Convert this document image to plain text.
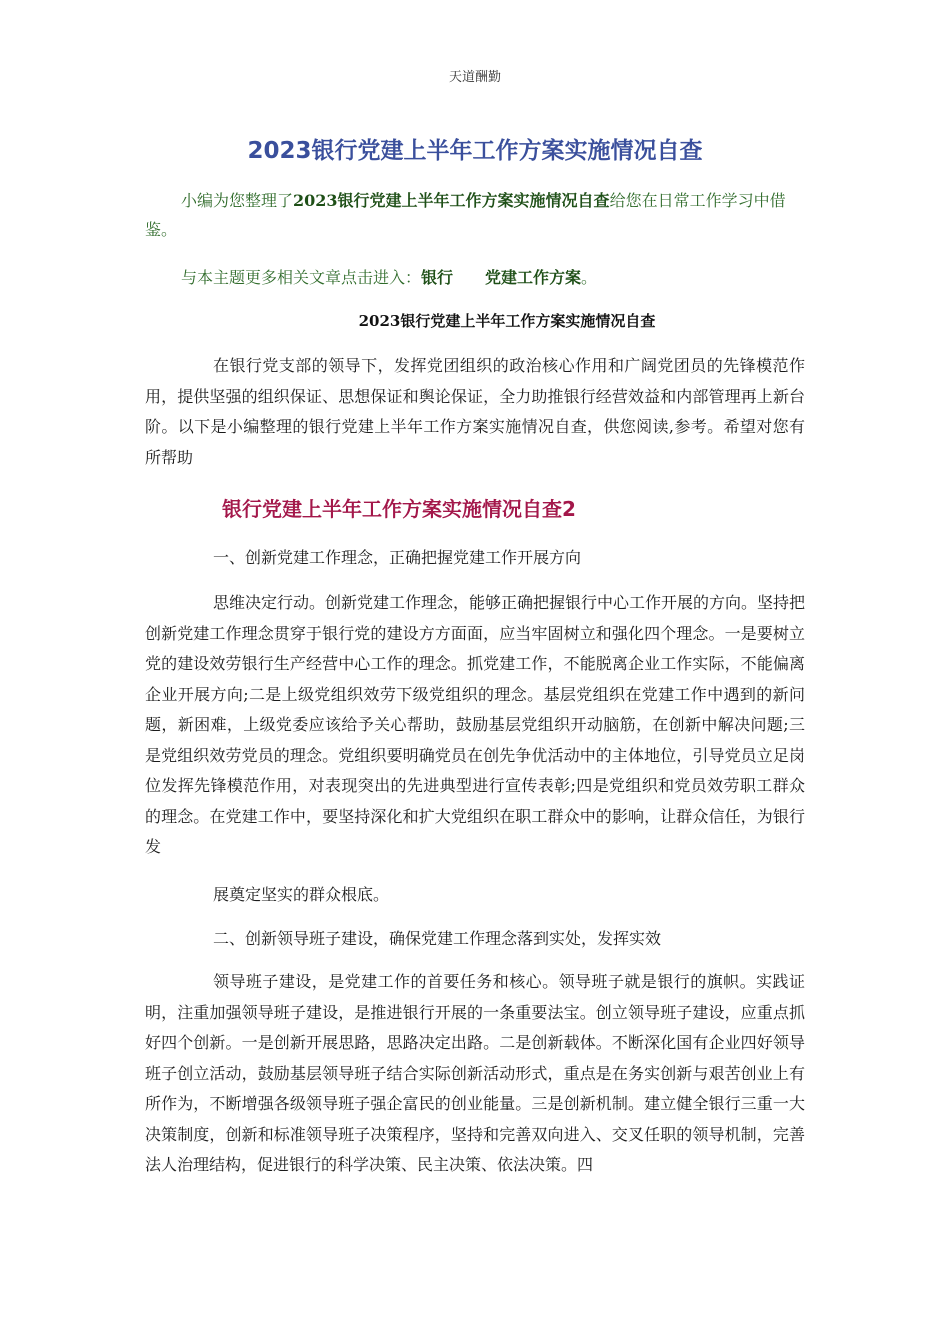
天道酬勤
2023银行党建上半年工作方案实施情况自查
小编为您整理了2023银行党建上半年工作方案实施情况自查给您在日常工作学习中借鉴。
与本主题更多相关文章点击进入：银行 党建工作方案。
2023银行党建上半年工作方案实施情况自查

在银行党支部的领导下，发挥党团组织的政治核心作用和广阔党团员的先锋模范作用，提供坚强的组织保证、思想保证和舆论保证，全力助推银行经营效益和内部管理再上新台阶。以下是小编整理的银行党建上半年工作方案实施情况自查，供您阅读,参考。希望对您有所帮助

银行党建上半年工作方案实施情况自查2
一、创新党建工作理念，正确把握党建工作开展方向

思维决定行动。创新党建工作理念，能够正确把握银行中心工作开展的方向。坚持把创新党建工作理念贯穿于银行党的建设方方面面，应当牢固树立和强化四个理念。一是要树立党的建设效劳银行生产经营中心工作的理念。抓党建工作，不能脱离企业工作实际，不能偏离企业开展方向;二是上级党组织效劳下级党组织的理念。基层党组织在党建工作中遇到的新问题，新困难，上级党委应该给予关心帮助，鼓励基层党组织开动脑筋，在创新中解决问题;三是党组织效劳党员的理念。党组织要明确党员在创先争优活动中的主体地位，引导党员立足岗位发挥先锋模范作用，对表现突出的先进典型进行宣传表彰;四是党组织和党员效劳职工群众的理念。在党建工作中，要坚持深化和扩大党组织在职工群众中的影响，让群众信任，为银行发

展奠定坚实的群众根底。

二、创新领导班子建设，确保党建工作理念落到实处，发挥实效

领导班子建设，是党建工作的首要任务和核心。领导班子就是银行的旗帜。实践证明，注重加强领导班子建设，是推进银行开展的一条重要法宝。创立领导班子建设，应重点抓好四个创新。一是创新开展思路，思路决定出路。二是创新载体。不断深化国有企业四好领导班子创立活动，鼓励基层领导班子结合实际创新活动形式，重点是在务实创新与艰苦创业上有所作为，不断增强各级领导班子强企富民的创业能量。三是创新机制。建立健全银行三重一大决策制度，创新和标准领导班子决策程序，坚持和完善双向进入、交叉任职的领导机制，完善法人治理结构，促进银行的科学决策、民主决策、依法决策。四
